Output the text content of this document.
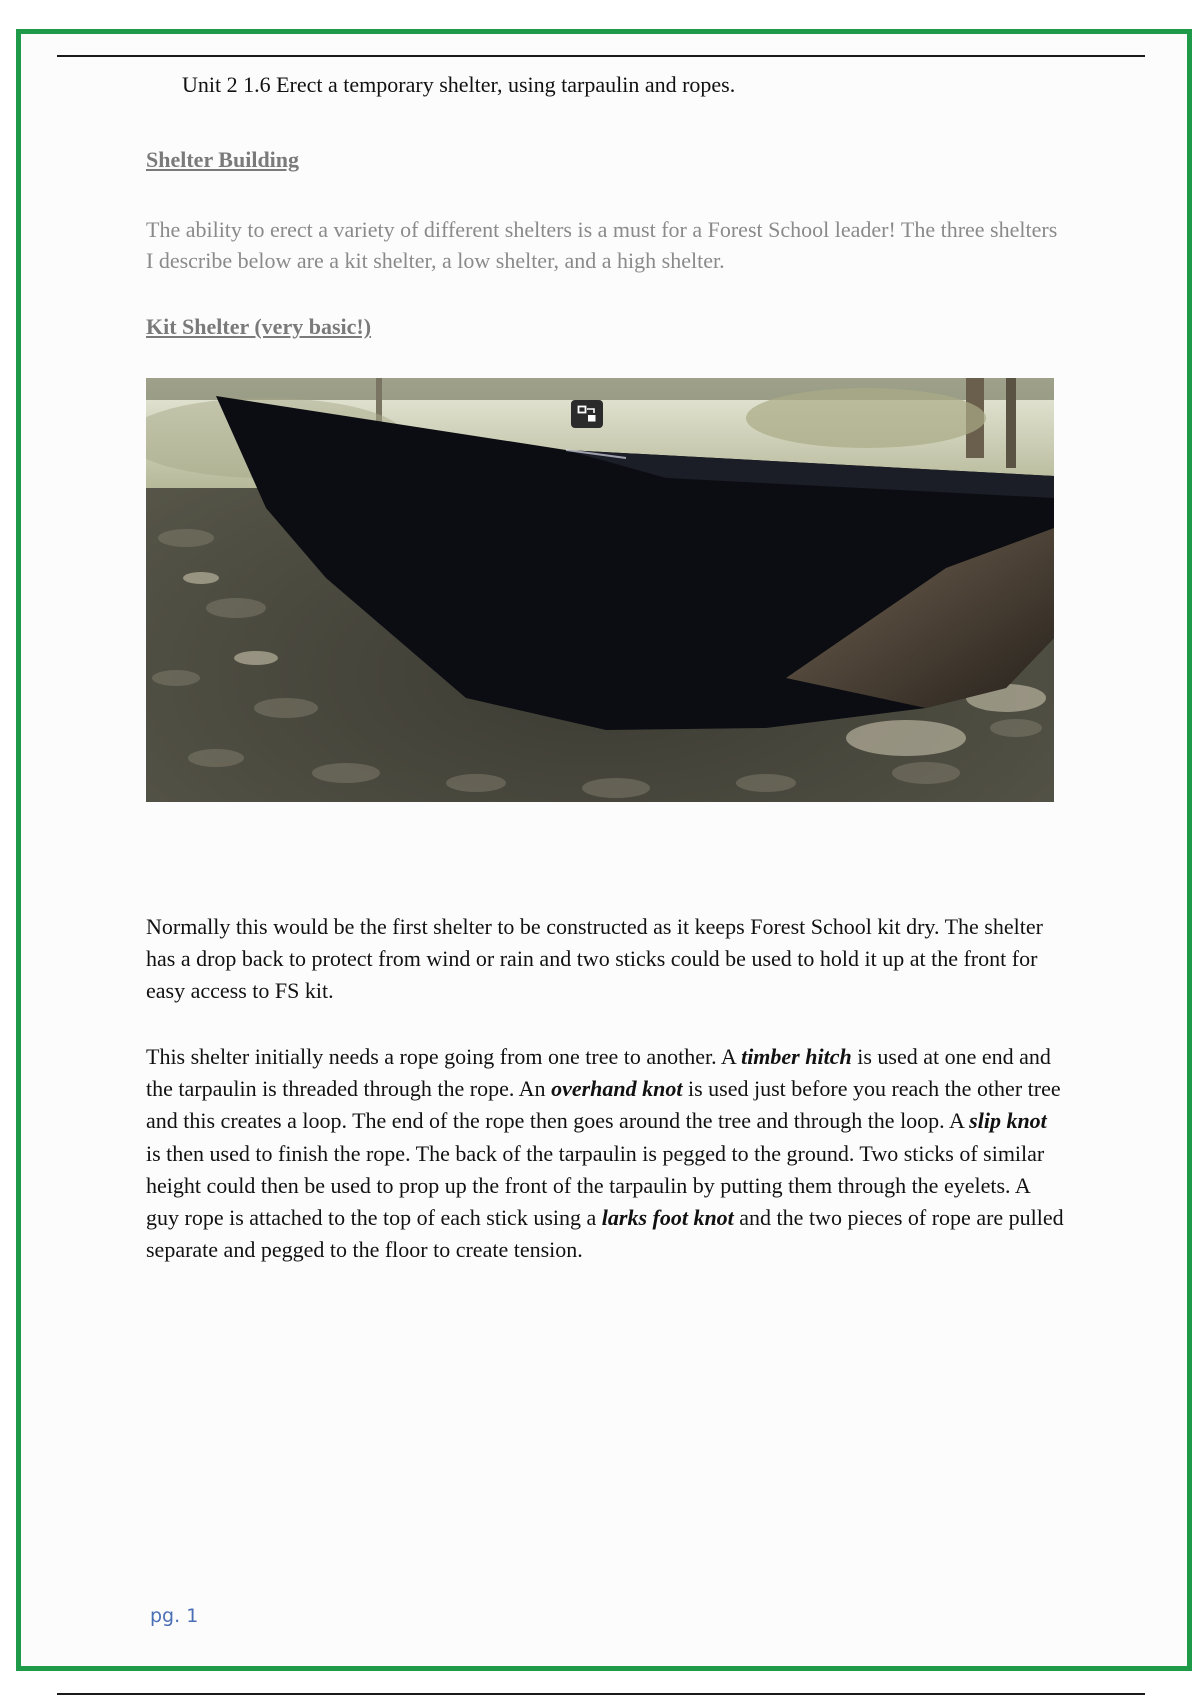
Unit 2 1.6 Erect a temporary shelter, using tarpaulin and ropes.
Shelter Building

The ability to erect a variety of different shelters is a must for a Forest School leader! The three shelters I describe below are a kit shelter, a low shelter, and a high shelter.

Kit Shelter (very basic!)

Normally this would be the first shelter to be constructed as it keeps Forest School kit dry. The shelter has a drop back to protect from wind or rain and two sticks could be used to hold it up at the front for easy access to FS kit.

This shelter initially needs a rope going from one tree to another. A timber hitch is used at one end and the tarpaulin is threaded through the rope. An overhand knot is used just before you reach the other tree and this creates a loop. The end of the rope then goes around the tree and through the loop. A slip knot is then used to finish the rope. The back of the tarpaulin is pegged to the ground. Two sticks of similar height could then be used to prop up the front of the tarpaulin by putting them through the eyelets. A guy rope is attached to the top of each stick using a larks foot knot and the two pieces of rope are pulled separate and pegged to the floor to create tension.

pg. 1
